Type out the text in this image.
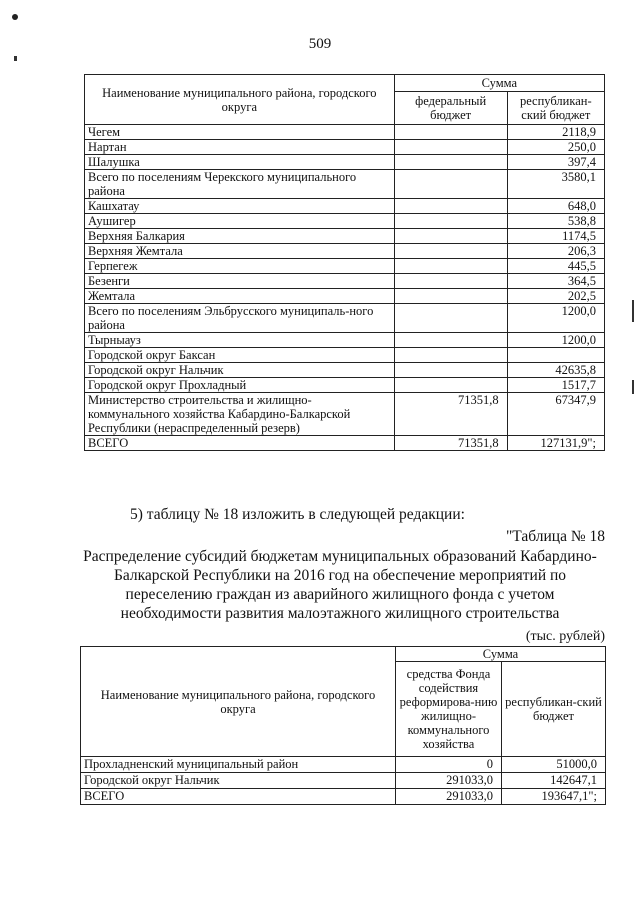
509
Наименование муниципального района, городского округа	Сумма	
	федеральный бюджет	республикан-ский бюджет
Чегем		2118,9
Нартан		250,0
Шалушка		397,4
Всего по поселениям Черекского муниципального района		3580,1
Кашхатау		648,0
Аушигер		538,8
Верхняя Балкария		1174,5
Верхняя Жемтала		206,3
Герпегеж		445,5
Безенги		364,5
Жемтала		202,5
Всего по поселениям Эльбрусского муниципаль-ного района		1200,0
Тырныауз		1200,0
Городской округ Баксан		
Городской округ Нальчик		42635,8
Городской округ Прохладный		1517,7
Министерство строительства и жилищно-коммунального хозяйства Кабардино-Балкарской Республики (нераспределенный резерв)	71351,8	67347,9
ВСЕГО	71351,8	127131,9";
5) таблицу № 18 изложить в следующей редакции:
"Таблица № 18
Распределение субсидий бюджетам муниципальных образований Кабардино-Балкарской Республики на 2016 год на обеспечение мероприятий по переселению граждан из аварийного жилищного фонда с учетом необходимости развития малоэтажного жилищного строительства
(тыс. рублей)
Наименование муниципального района, городского округа	Сумма	
	средства Фонда содействия реформирова-нию жилищно-коммунального хозяйства	республикан-ский бюджет
Прохладненский муниципальный район	0	51000,0
Городской округ Нальчик	291033,0	142647,1
ВСЕГО	291033,0	193647,1";
